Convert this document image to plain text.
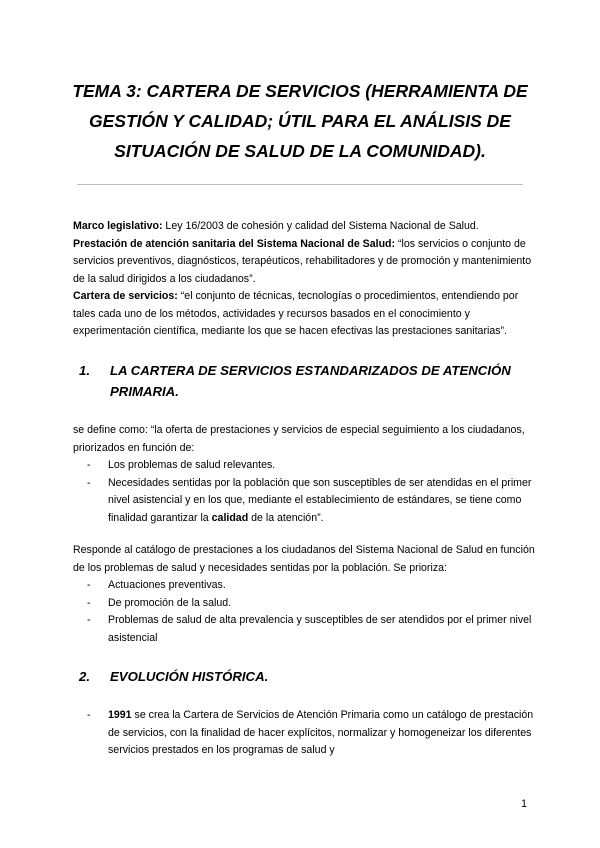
TEMA 3: CARTERA DE SERVICIOS (HERRAMIENTA DE GESTIÓN Y CALIDAD; ÚTIL PARA EL ANÁLISIS DE SITUACIÓN DE SALUD DE LA COMUNIDAD).

Marco legislativo: Ley 16/2003 de cohesión y calidad del Sistema Nacional de Salud.

Prestación de atención sanitaria del Sistema Nacional de Salud: “los servicios o conjunto de servicios preventivos, diagnósticos, terapéuticos, rehabilitadores y de promoción y mantenimiento de la salud dirigidos a los ciudadanos”.

Cartera de servicios: “el conjunto de técnicas, tecnologías o procedimientos, entendiendo por tales cada uno de los métodos, actividades y recursos basados en el conocimiento y experimentación científica, mediante los que se hacen efectivas las prestaciones sanitarias”.

1. LA CARTERA DE SERVICIOS ESTANDARIZADOS DE ATENCIÓN PRIMARIA.

se define como: “la oferta de prestaciones y servicios de especial seguimiento a los ciudadanos, priorizados en función de:

- Los problemas de salud relevantes.
- Necesidades sentidas por la población que son susceptibles de ser atendidas en el primer nivel asistencial y en los que, mediante el establecimiento de estándares, se tiene como finalidad garantizar la calidad de la atención”.

Responde al catálogo de prestaciones a los ciudadanos del Sistema Nacional de Salud en función de los problemas de salud y necesidades sentidas por la población. Se prioriza:

- Actuaciones preventivas.
- De promoción de la salud.
- Problemas de salud de alta prevalencia y susceptibles de ser atendidos por el primer nivel asistencial
2. EVOLUCIÓN HISTÓRICA.
- 1991 se crea la Cartera de Servicios de Atención Primaria como un catálogo de prestación de servicios, con la finalidad de hacer explícitos, normalizar y homogeneizar los diferentes servicios prestados en los programas de salud y
1
